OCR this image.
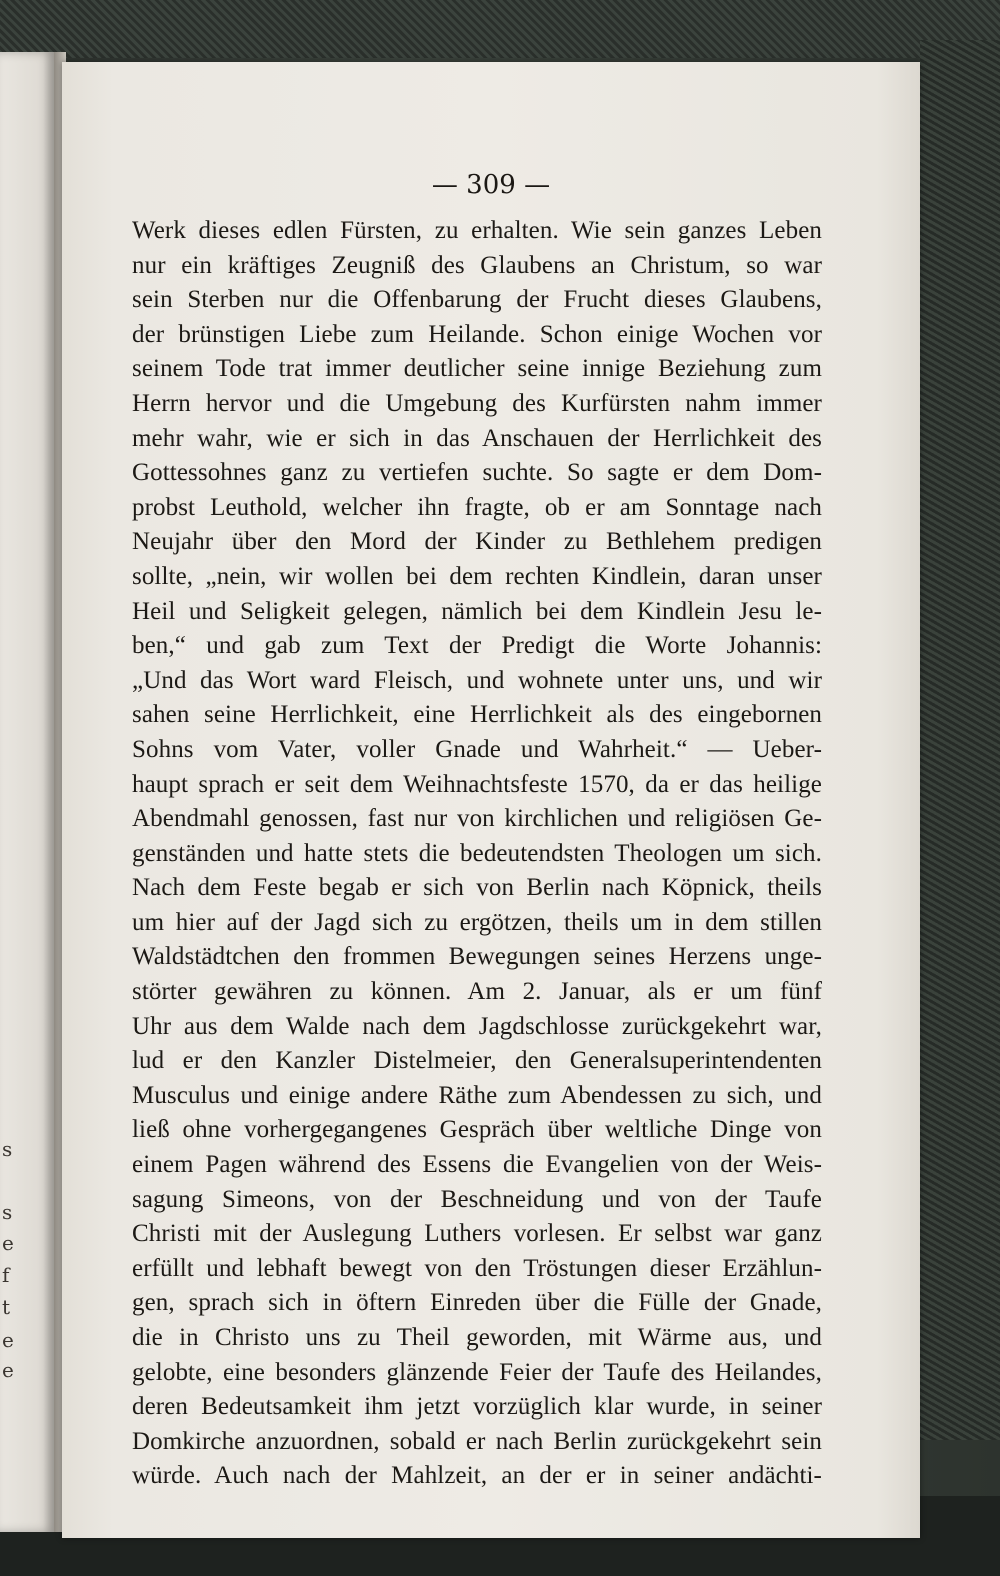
s
s
e
f
t
e
e
— 309 —
Werk dieses edlen Fürsten, zu erhalten. Wie sein ganzes Leben
nur ein kräftiges Zeugniß des Glaubens an Christum, so war
sein Sterben nur die Offenbarung der Frucht dieses Glaubens,
der brünstigen Liebe zum Heilande. Schon einige Wochen vor
seinem Tode trat immer deutlicher seine innige Beziehung zum
Herrn hervor und die Umgebung des Kurfürsten nahm immer
mehr wahr, wie er sich in das Anschauen der Herrlichkeit des
Gottessohnes ganz zu vertiefen suchte. So sagte er dem Dom-
probst Leuthold, welcher ihn fragte, ob er am Sonntage nach
Neujahr über den Mord der Kinder zu Bethlehem predigen
sollte, „nein, wir wollen bei dem rechten Kindlein, daran unser
Heil und Seligkeit gelegen, nämlich bei dem Kindlein Jesu le-
ben,“ und gab zum Text der Predigt die Worte Johannis:
„Und das Wort ward Fleisch, und wohnete unter uns, und wir
sahen seine Herrlichkeit, eine Herrlichkeit als des eingebornen
Sohns vom Vater, voller Gnade und Wahrheit.“ — Ueber-
haupt sprach er seit dem Weihnachtsfeste 1570, da er das heilige
Abendmahl genossen, fast nur von kirchlichen und religiösen Ge-
genständen und hatte stets die bedeutendsten Theologen um sich.
Nach dem Feste begab er sich von Berlin nach Köpnick, theils
um hier auf der Jagd sich zu ergötzen, theils um in dem stillen
Waldstädtchen den frommen Bewegungen seines Herzens unge-
störter gewähren zu können. Am 2. Januar, als er um fünf
Uhr aus dem Walde nach dem Jagdschlosse zurückgekehrt war,
lud er den Kanzler Distelmeier, den Generalsuperintendenten
Musculus und einige andere Räthe zum Abendessen zu sich, und
ließ ohne vorhergegangenes Gespräch über weltliche Dinge von
einem Pagen während des Essens die Evangelien von der Weis-
sagung Simeons, von der Beschneidung und von der Taufe
Christi mit der Auslegung Luthers vorlesen. Er selbst war ganz
erfüllt und lebhaft bewegt von den Tröstungen dieser Erzählun-
gen, sprach sich in öftern Einreden über die Fülle der Gnade,
die in Christo uns zu Theil geworden, mit Wärme aus, und
gelobte, eine besonders glänzende Feier der Taufe des Heilandes,
deren Bedeutsamkeit ihm jetzt vorzüglich klar wurde, in seiner
Domkirche anzuordnen, sobald er nach Berlin zurückgekehrt sein
würde. Auch nach der Mahlzeit, an der er in seiner andächti-
